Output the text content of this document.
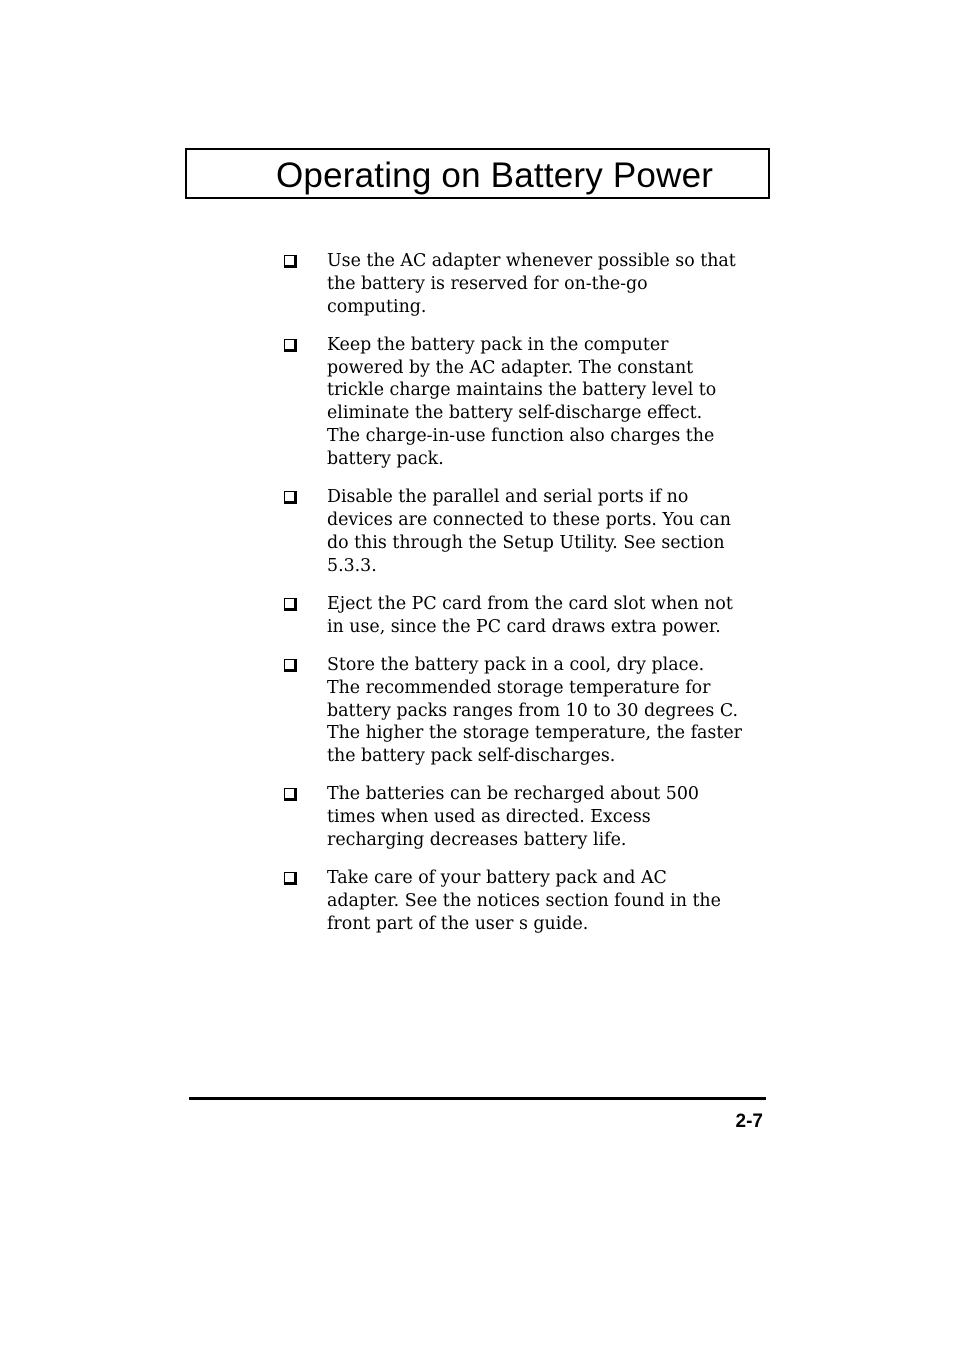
Operating on Battery Power
Use the AC adapter whenever possible so that
the battery is reserved for on-the-go
computing.
Keep the battery pack in the computer
powered by the AC adapter. The constant
trickle charge maintains the battery level to
eliminate the battery self-discharge effect.
The charge-in-use function also charges the
battery pack.
Disable the parallel and serial ports if no
devices are connected to these ports. You can
do this through the Setup Utility. See section
5.3.3.
Eject the PC card from the card slot when not
in use, since the PC card draws extra power.
Store the battery pack in a cool, dry place.
The recommended storage temperature for
battery packs ranges from 10 to 30 degrees C.
The higher the storage temperature, the faster
the battery pack self-discharges.
The batteries can be recharged about 500
times when used as directed. Excess
recharging decreases battery life.
Take care of your battery pack and AC
adapter. See the notices section found in the
front part of the user s guide.
2-7
